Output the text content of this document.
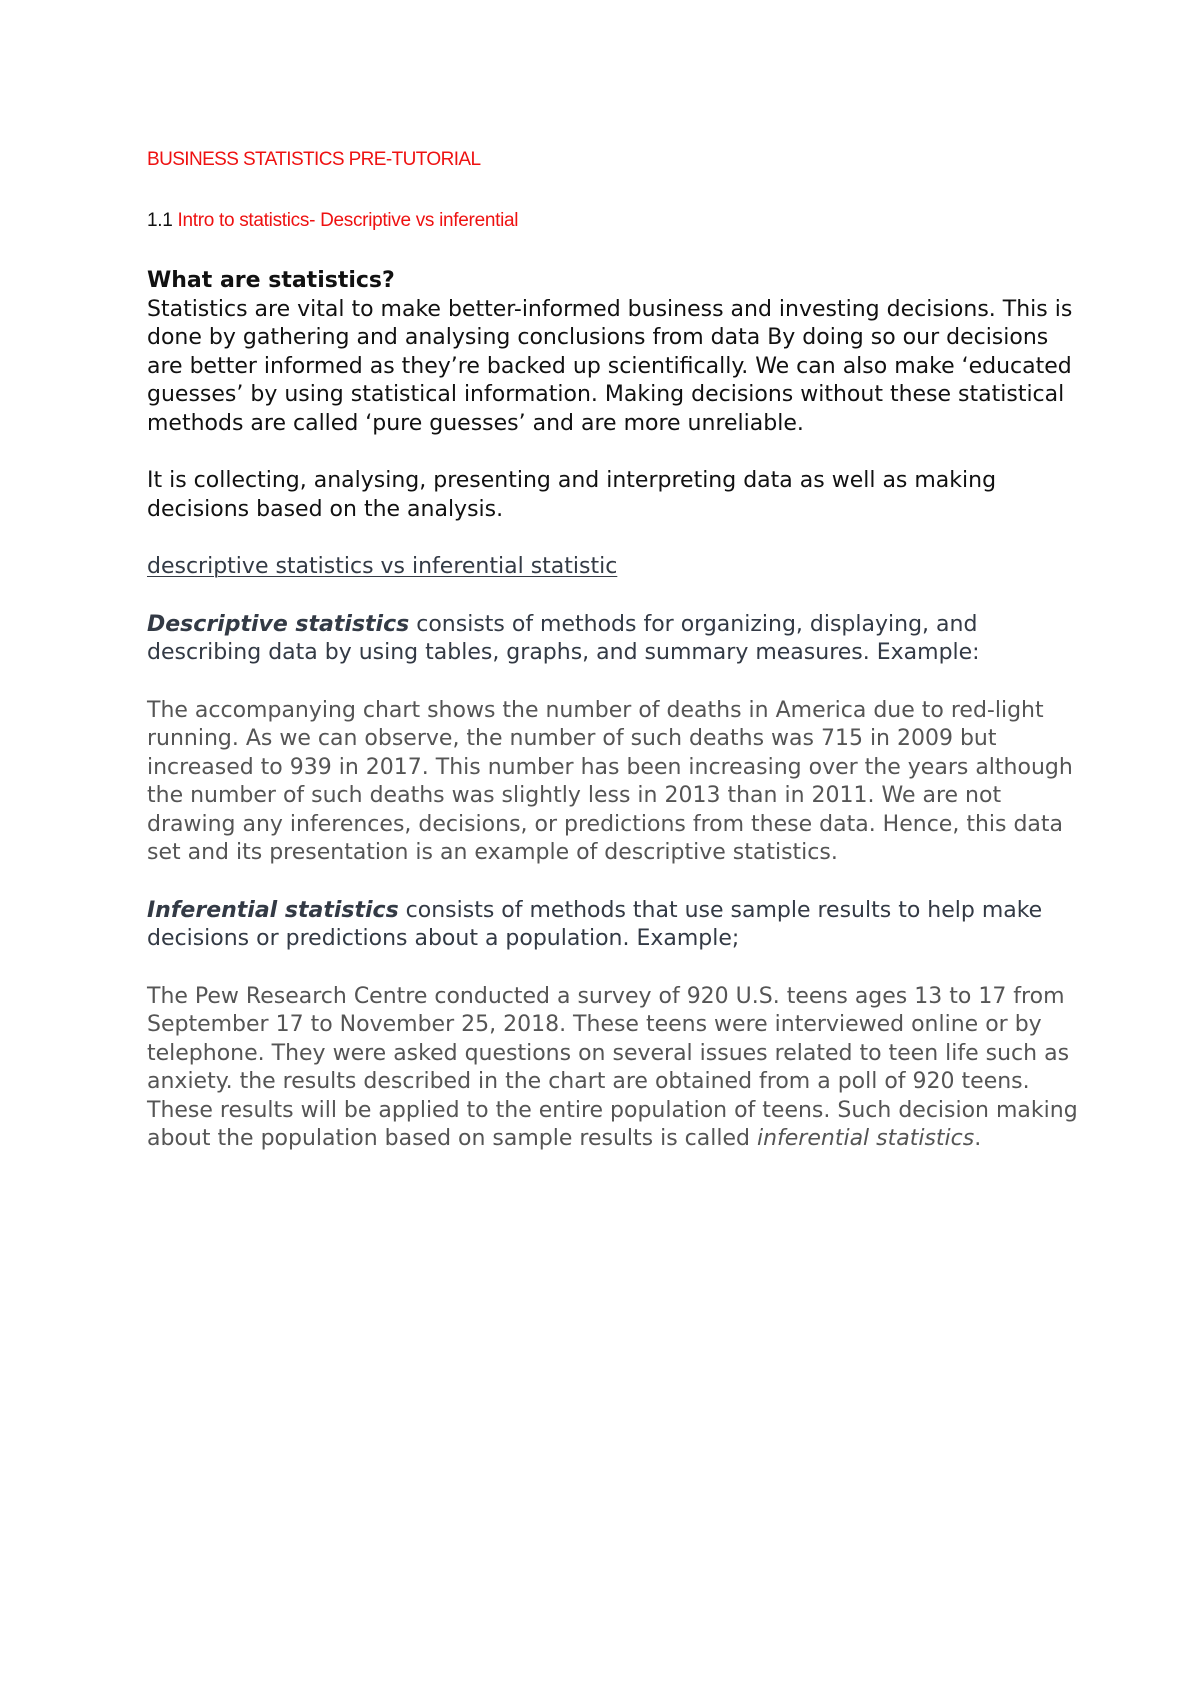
BUSINESS STATISTICS PRE-TUTORIAL
1.1 Intro to statistics- Descriptive vs inferential
What are statistics?

Statistics are vital to make better-informed business and investing decisions. This is done by gathering and analysing conclusions from data By doing so our decisions are better informed as they’re backed up scientifically. We can also make ‘educated guesses’ by using statistical information. Making decisions without these statistical methods are called ‘pure guesses’ and are more unreliable.

It is collecting, analysing, presenting and interpreting data as well as making decisions based on the analysis.

descriptive statistics vs inferential statistic

Descriptive statistics consists of methods for organizing, displaying, and describing data by using tables, graphs, and summary measures. Example:

The accompanying chart shows the number of deaths in America due to red-light running. As we can observe, the number of such deaths was 715 in 2009 but increased to 939 in 2017. This number has been increasing over the years although the number of such deaths was slightly less in 2013 than in 2011. We are not drawing any inferences, decisions, or predictions from these data. Hence, this data set and its presentation is an example of descriptive statistics.

Inferential statistics consists of methods that use sample results to help make decisions or predictions about a population. Example;

The Pew Research Centre conducted a survey of 920 U.S. teens ages 13 to 17 from September 17 to November 25, 2018. These teens were interviewed online or by telephone. They were asked questions on several issues related to teen life such as anxiety. the results described in the chart are obtained from a poll of 920 teens. These results will be applied to the entire population of teens. Such decision making about the population based on sample results is called inferential statistics.
